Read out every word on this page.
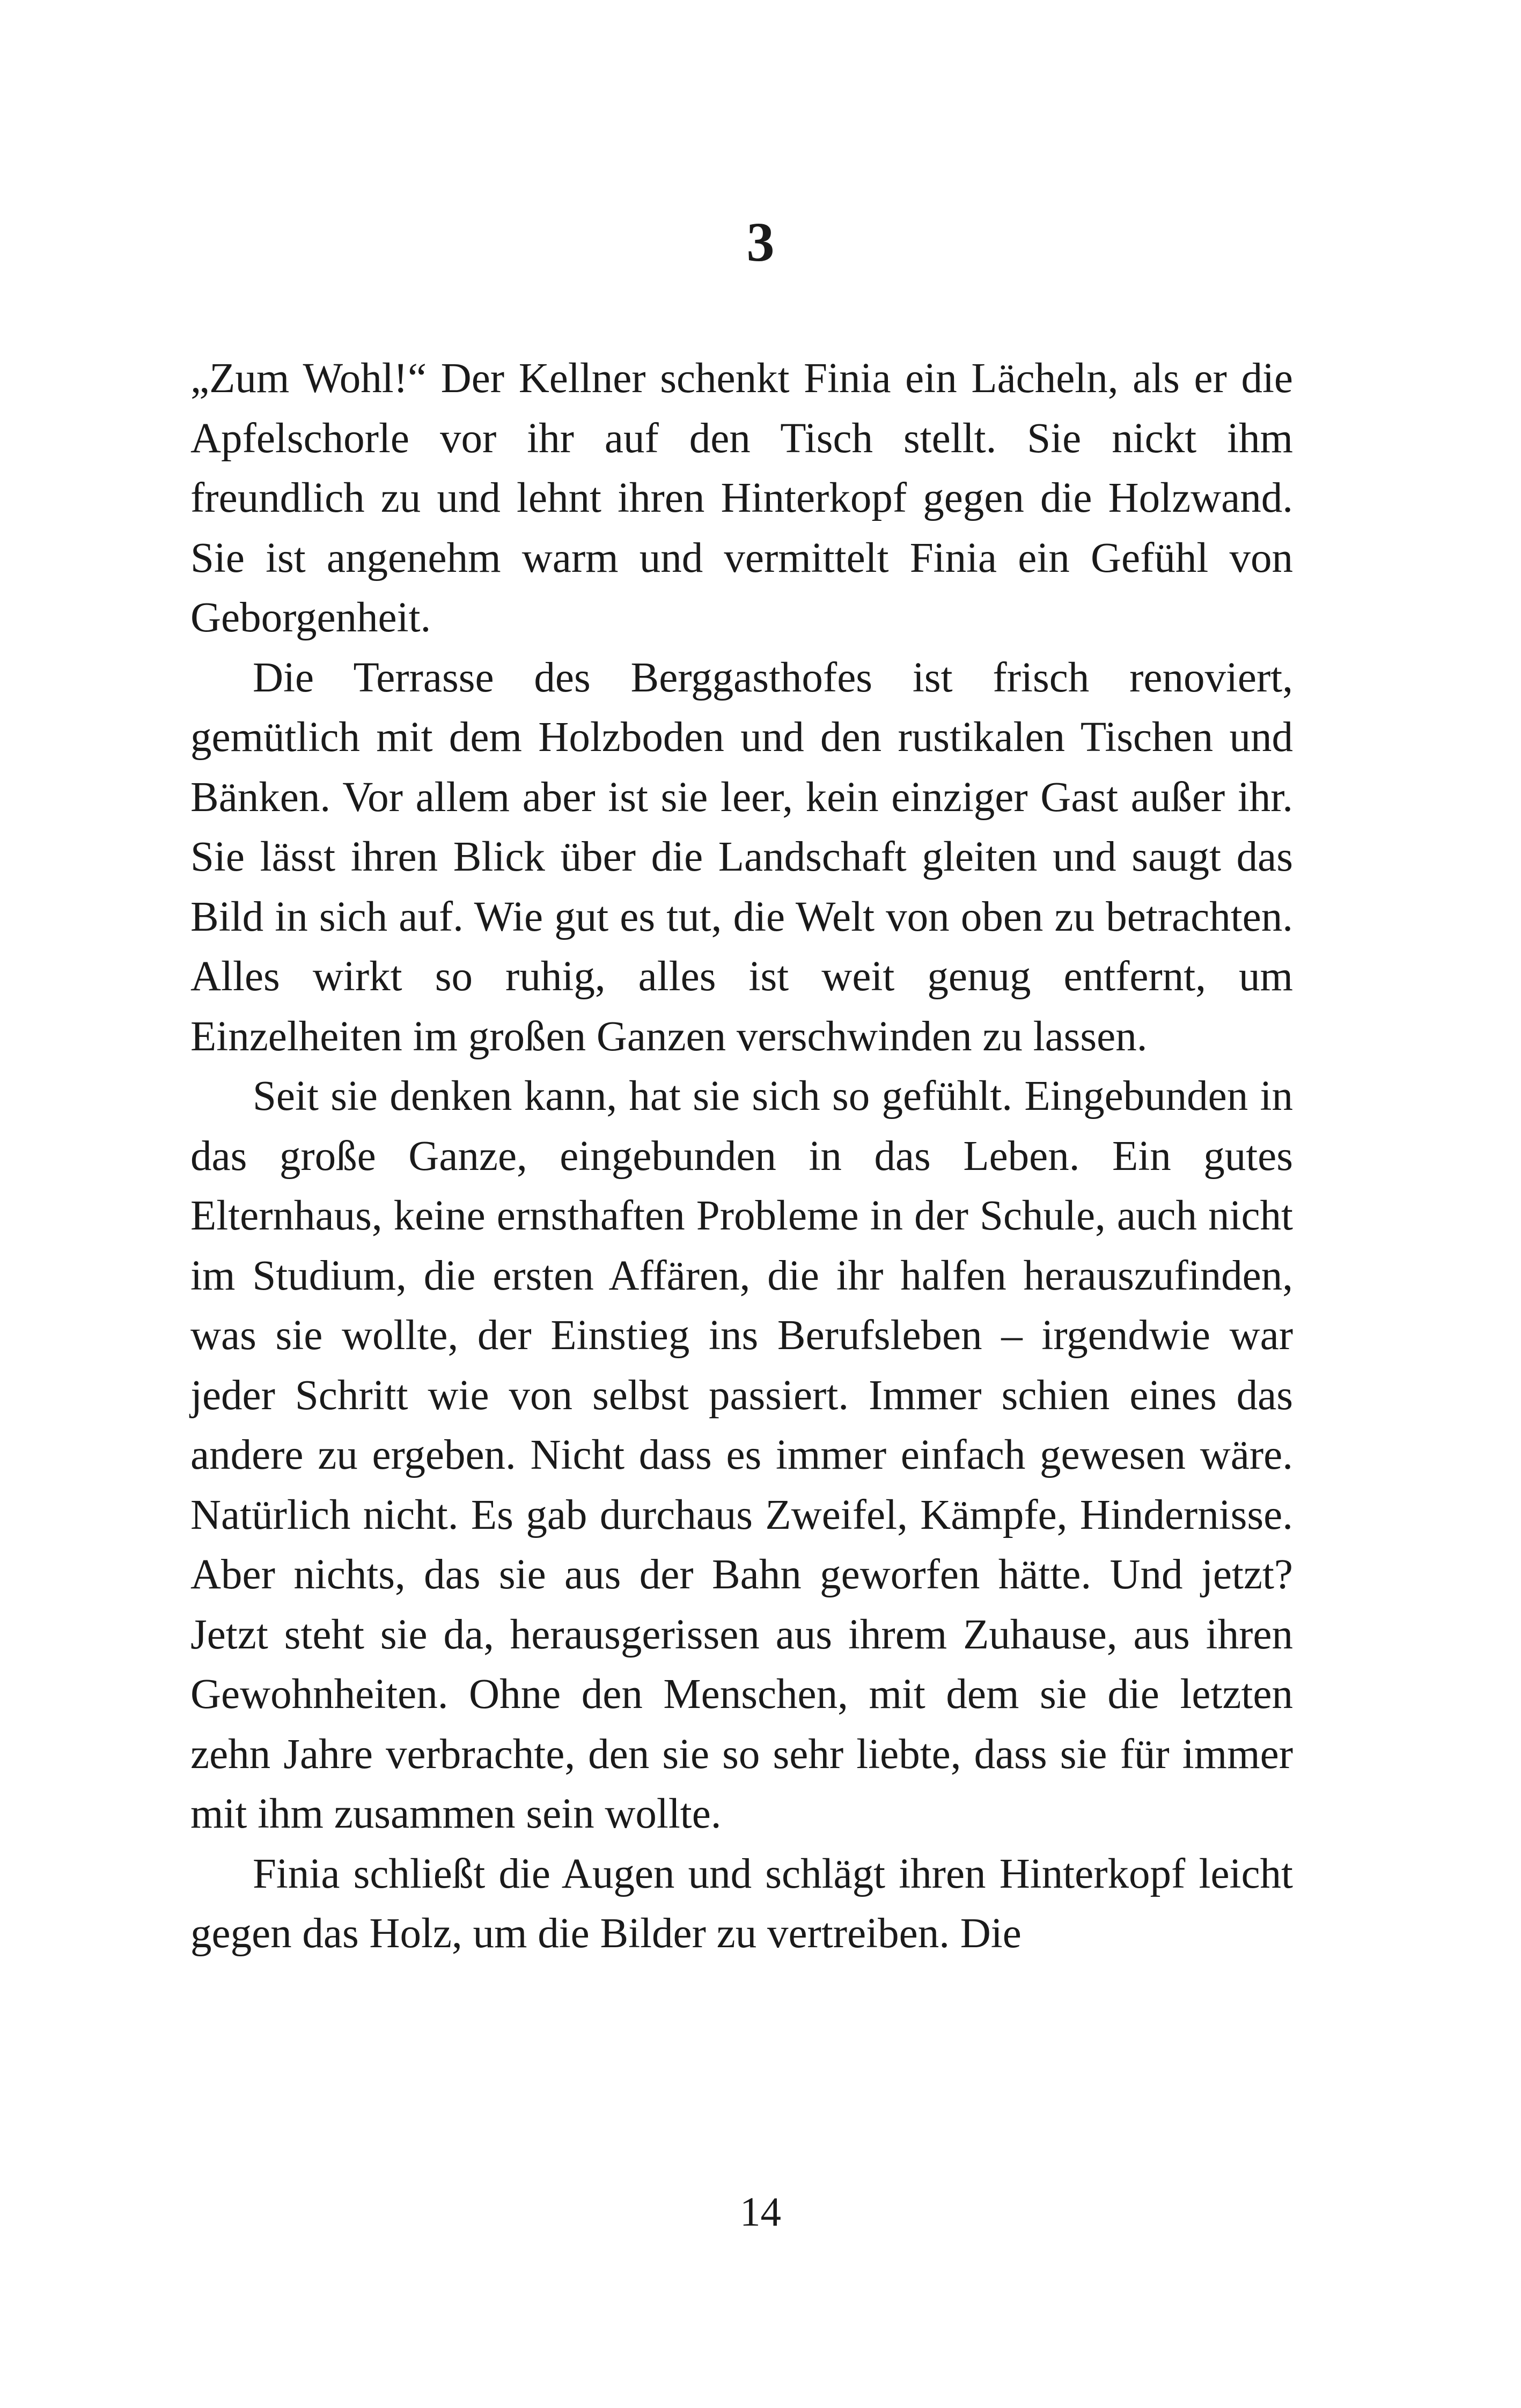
3

„Zum Wohl!“ Der Kellner schenkt Finia ein Lächeln, als er die Apfelschorle vor ihr auf den Tisch stellt. Sie nickt ihm freundlich zu und lehnt ihren Hinterkopf gegen die Holzwand. Sie ist angenehm warm und vermittelt Finia ein Gefühl von Geborgenheit.

Die Terrasse des Berggasthofes ist frisch renoviert, gemütlich mit dem Holzboden und den rustikalen Tischen und Bänken. Vor allem aber ist sie leer, kein einziger Gast außer ihr. Sie lässt ihren Blick über die Landschaft gleiten und saugt das Bild in sich auf. Wie gut es tut, die Welt von oben zu betrachten. Alles wirkt so ruhig, alles ist weit genug entfernt, um Einzelheiten im großen Ganzen verschwinden zu lassen.

Seit sie denken kann, hat sie sich so gefühlt. Eingebunden in das große Ganze, eingebunden in das Leben. Ein gutes Elternhaus, keine ernsthaften Probleme in der Schule, auch nicht im Studium, die ersten Affären, die ihr halfen herauszufinden, was sie wollte, der Einstieg ins Berufsleben – irgendwie war jeder Schritt wie von selbst passiert. Immer schien eines das andere zu ergeben. Nicht dass es immer einfach gewesen wäre. Natürlich nicht. Es gab durchaus Zweifel, Kämpfe, Hindernisse. Aber nichts, das sie aus der Bahn geworfen hätte. Und jetzt? Jetzt steht sie da, herausgerissen aus ihrem Zuhause, aus ihren Gewohnheiten. Ohne den Menschen, mit dem sie die letzten zehn Jahre verbrachte, den sie so sehr liebte, dass sie für immer mit ihm zusammen sein wollte.

Finia schließt die Augen und schlägt ihren Hinterkopf leicht gegen das Holz, um die Bilder zu vertreiben. Die

14
